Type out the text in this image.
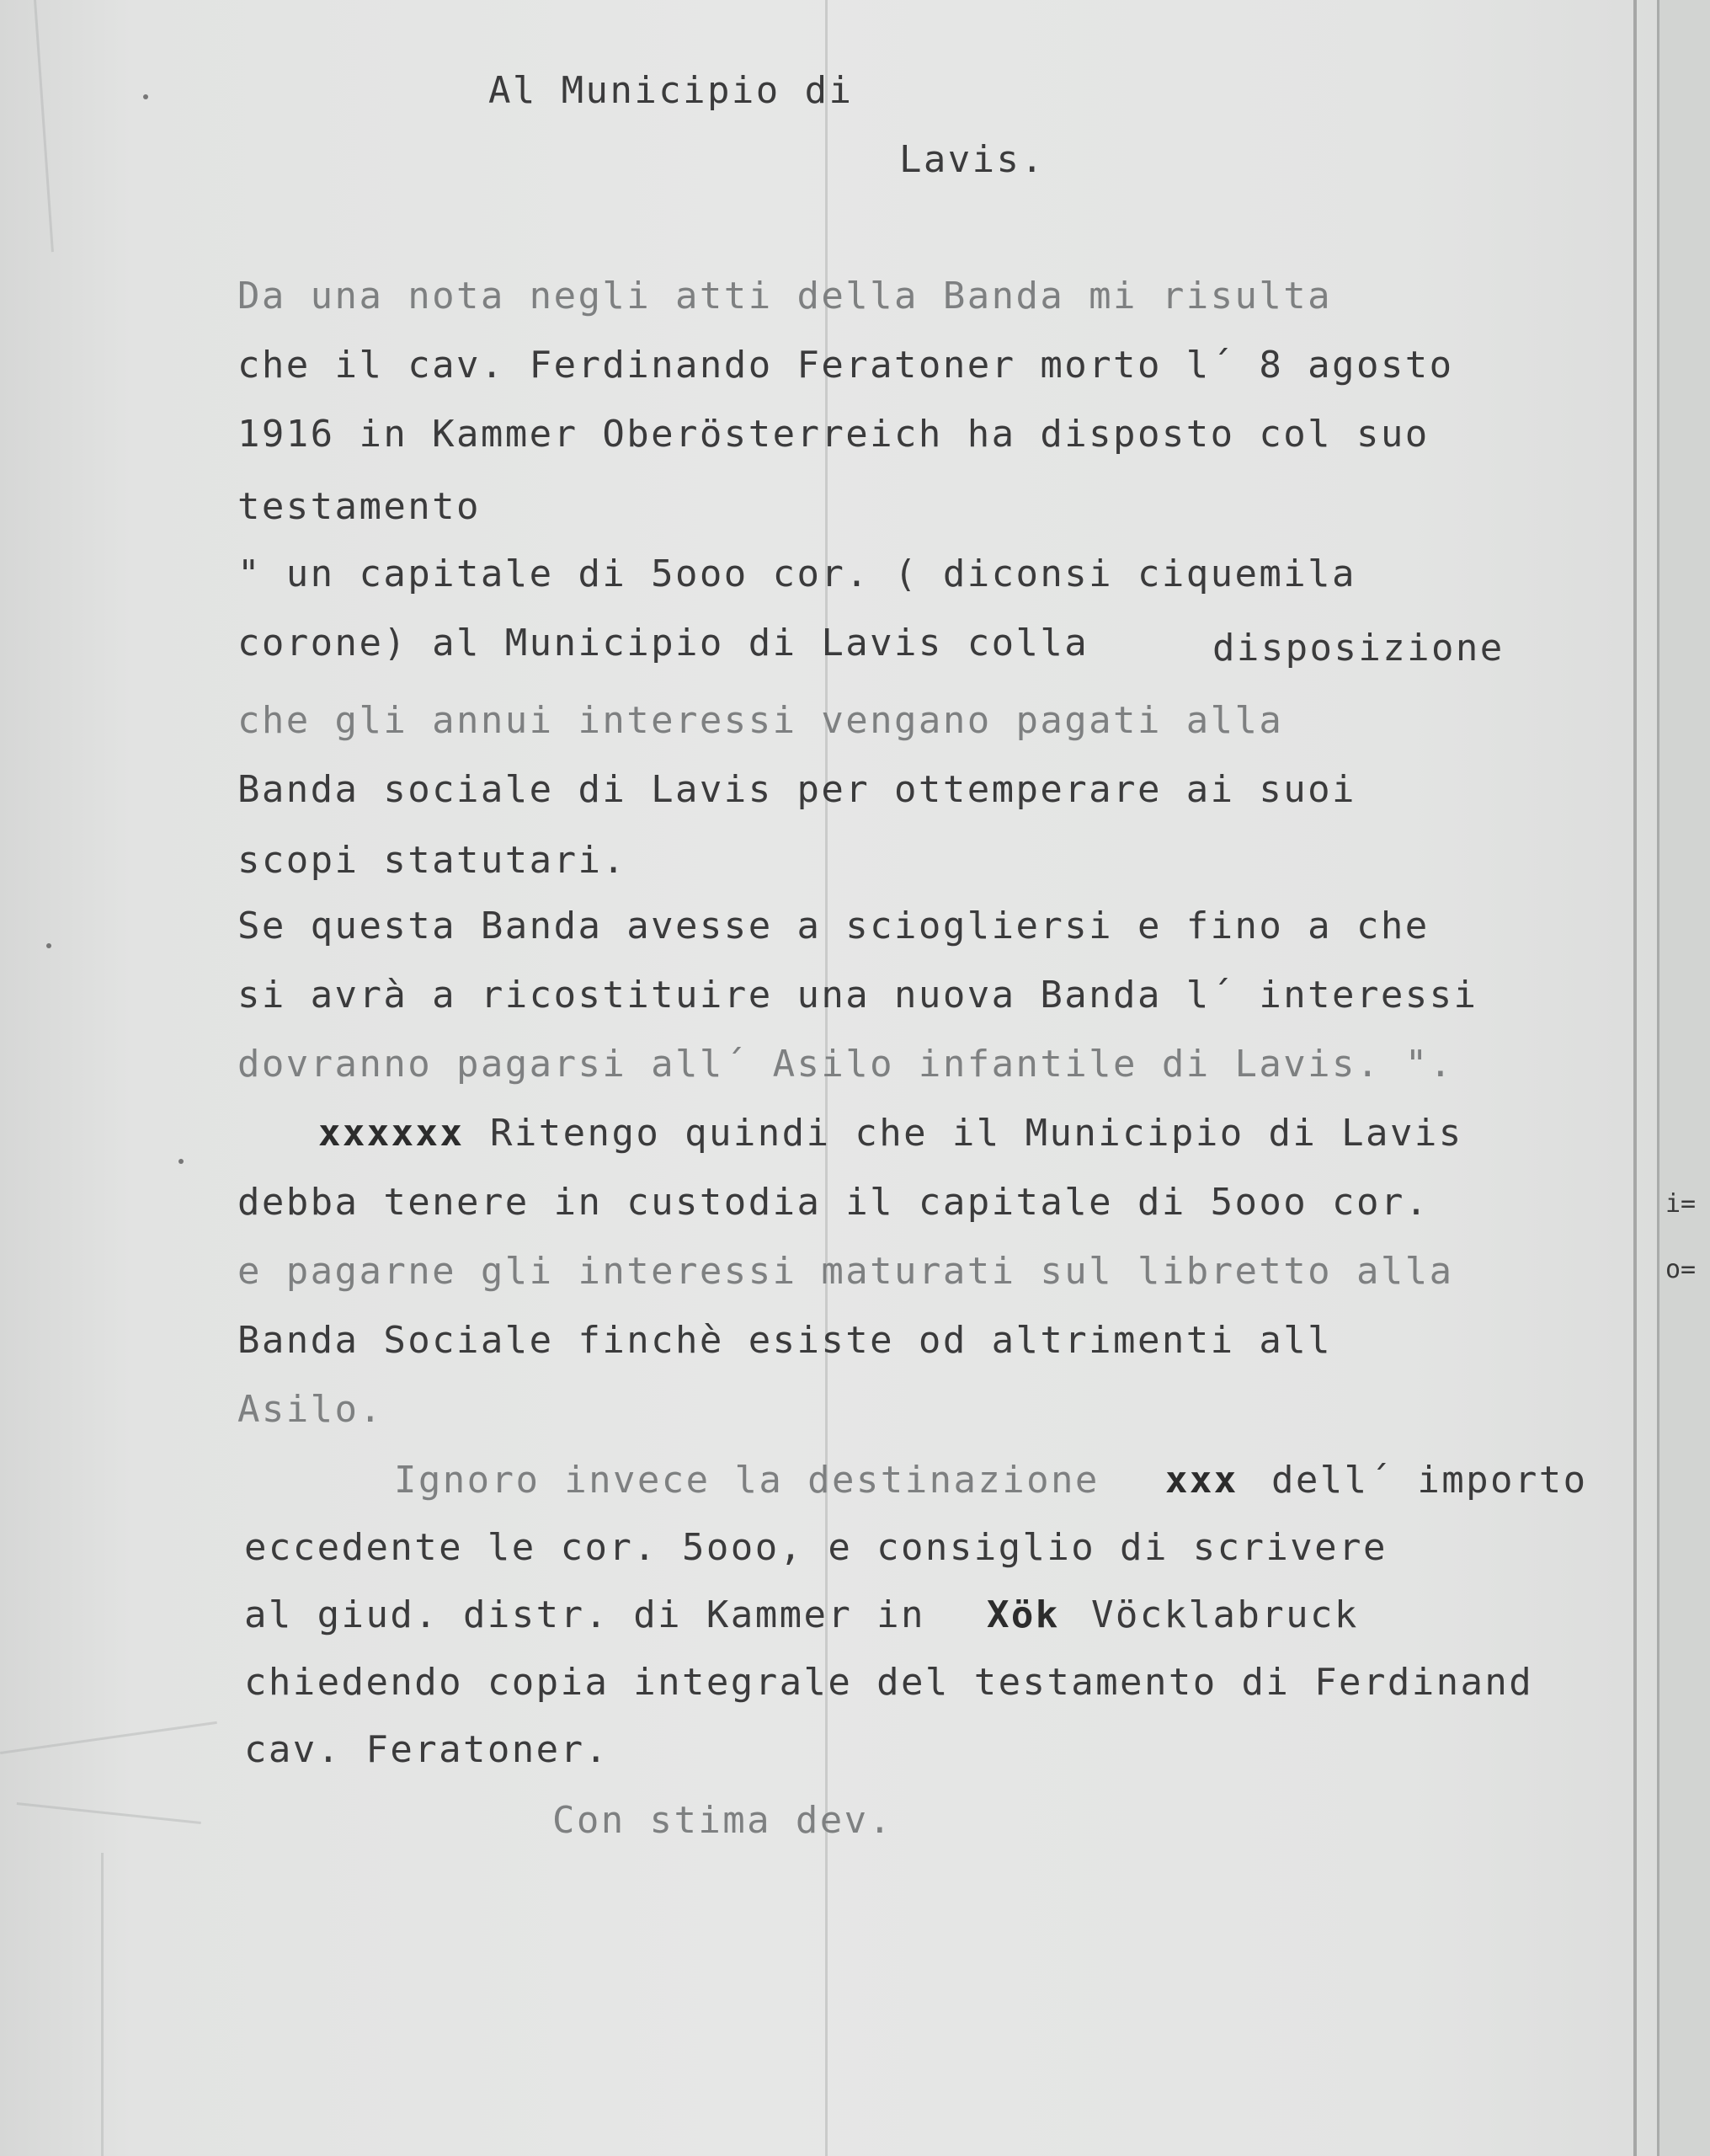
Al Municipio di

Lavis.

Da una nota negli atti della Banda mi risulta

che il cav. Ferdinando Feratoner morto l´ 8 agosto

1916 in Kammer Oberösterreich ha disposto col suo

testamento

" un capitale di 5ooo cor. ( diconsi ciquemila

corone) al Municipio di Lavis colla	disposizione

che gli annui interessi vengano pagati alla

Banda sociale di Lavis per ottemperare ai suoi

scopi statutari.

Se questa Banda avesse a sciogliersi e fino a che

si avrà a ricostituire una nuova Banda l´ interessi

dovranno pagarsi all´ Asilo infantile di Lavis. ".

xxxxxx Ritengo quindi che il Municipio di Lavis

debba tenere in custodia il capitale di 5ooo cor.

e pagarne gli interessi maturati sul libretto alla

Banda Sociale finchè esiste od altrimenti all

Asilo.

Ignoro invece la destinazione xxx dell´ importo

eccedente le cor. 5ooo, e consiglio di scrivere

al giud. distr. di Kammer in Xök Vöcklabruck

chiedendo copia integrale del testamento di Ferdinand

cav. Feratoner.

Con stima dev.

i=
o=
